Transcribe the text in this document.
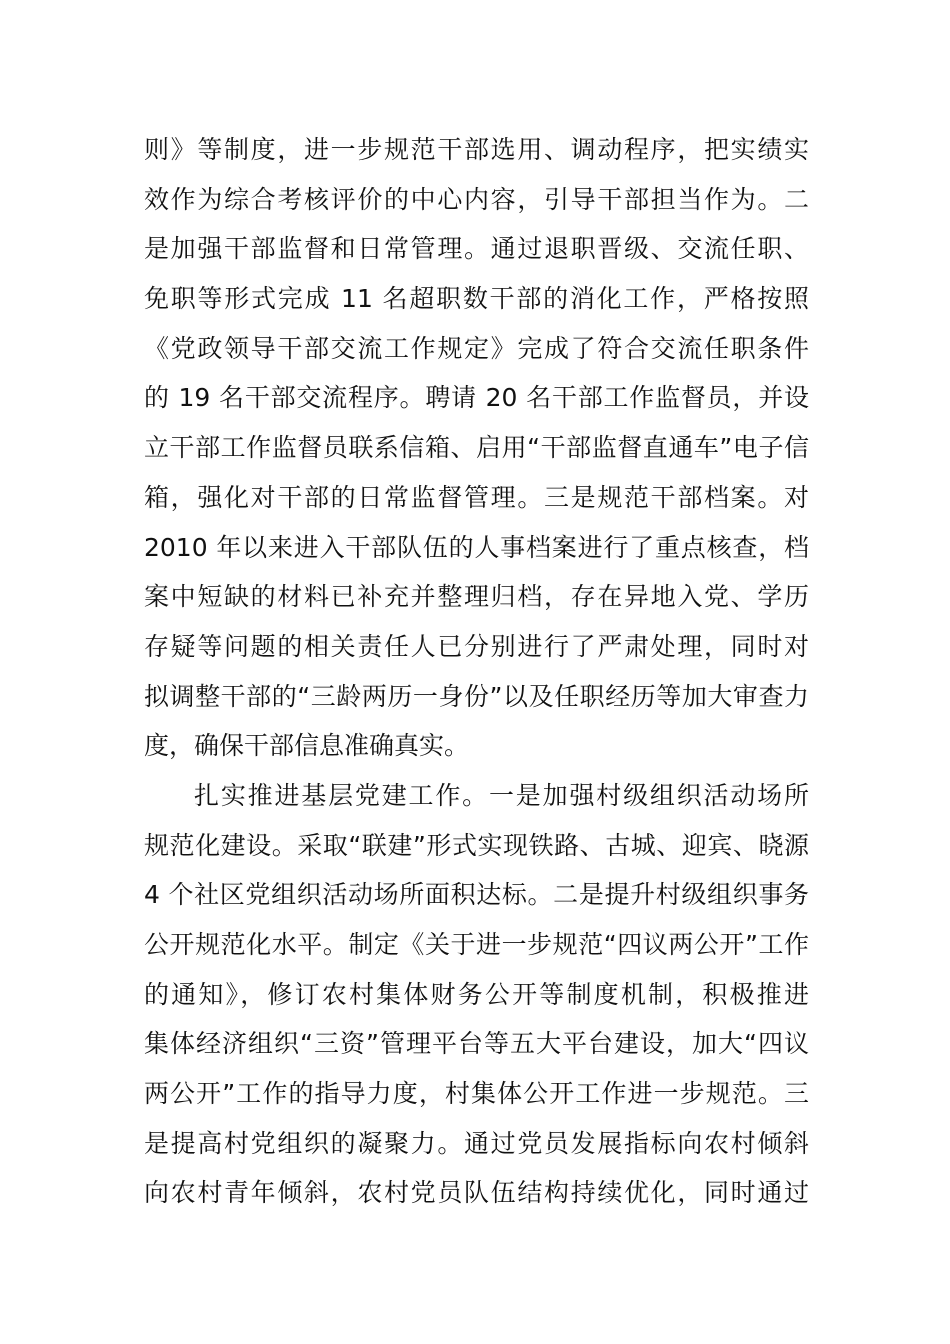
则》等制度，进一步规范干部选用、调动程序，把实绩实
效作为综合考核评价的中心内容，引导干部担当作为。二
是加强干部监督和日常管理。通过退职晋级、交流任职、
免职等形式完成 11 名超职数干部的消化工作，严格按照
《党政领导干部交流工作规定》完成了符合交流任职条件
的 19 名干部交流程序。聘请 20 名干部工作监督员，并设
立干部工作监督员联系信箱、启用“干部监督直通车”电子信
箱，强化对干部的日常监督管理。三是规范干部档案。对
2010 年以来进入干部队伍的人事档案进行了重点核查，档
案中短缺的材料已补充并整理归档，存在异地入党、学历
存疑等问题的相关责任人已分别进行了严肃处理，同时对
拟调整干部的“三龄两历一身份”以及任职经历等加大审查力
度，确保干部信息准确真实。
扎实推进基层党建工作。一是加强村级组织活动场所
规范化建设。采取“联建”形式实现铁路、古城、迎宾、晓源
4 个社区党组织活动场所面积达标。二是提升村级组织事务
公开规范化水平。制定《关于进一步规范“四议两公开”工作
的通知》，修订农村集体财务公开等制度机制，积极推进
集体经济组织“三资”管理平台等五大平台建设，加大“四议
两公开”工作的指导力度，村集体公开工作进一步规范。三
是提高村党组织的凝聚力。通过党员发展指标向农村倾斜
向农村青年倾斜，农村党员队伍结构持续优化，同时通过
